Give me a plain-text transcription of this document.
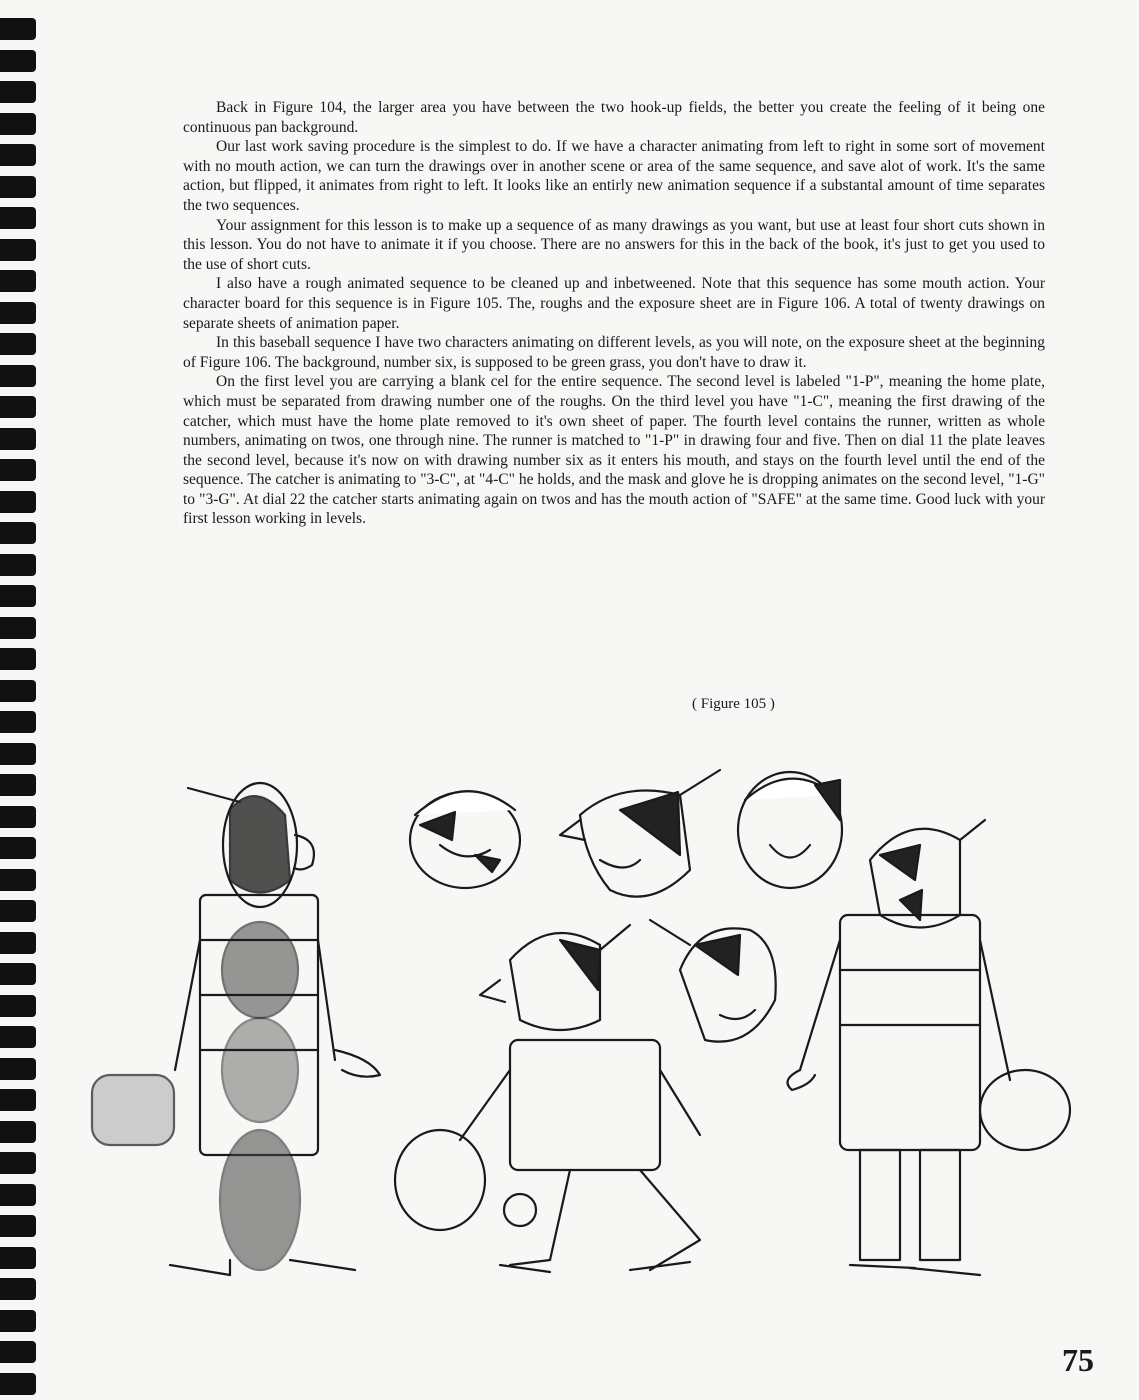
Back in Figure 104, the larger area you have between the two hook-up fields, the better you create the feeling of it being one continuous pan background.

Our last work saving procedure is the simplest to do. If we have a character animating from left to right in some sort of movement with no mouth action, we can turn the drawings over in another scene or area of the same sequence, and save alot of work. It's the same action, but flipped, it animates from right to left. It looks like an entirly new animation sequence if a substantal amount of time separates the two sequences.

Your assignment for this lesson is to make up a sequence of as many drawings as you want, but use at least four short cuts shown in this lesson. You do not have to animate it if you choose. There are no answers for this in the back of the book, it's just to get you used to the use of short cuts.

I also have a rough animated sequence to be cleaned up and inbetweened. Note that this sequence has some mouth action. Your character board for this sequence is in Figure 105. The, roughs and the exposure sheet are in Figure 106. A total of twenty drawings on separate sheets of animation paper.

In this baseball sequence I have two characters animating on different levels, as you will note, on the exposure sheet at the beginning of Figure 106. The background, number six, is supposed to be green grass, you don't have to draw it.

On the first level you are carrying a blank cel for the entire sequence. The second level is labeled "1-P", meaning the home plate, which must be separated from drawing number one of the roughs. On the third level you have "1-C", meaning the first drawing of the catcher, which must have the home plate removed to it's own sheet of paper. The fourth level contains the runner, written as whole numbers, animating on twos, one through nine. The runner is matched to "1-P" in drawing four and five. Then on dial 11 the plate leaves the second level, because it's now on with drawing number six as it enters his mouth, and stays on the fourth level until the end of the sequence. The catcher is animating to "3-C", at "4-C" he holds, and the mask and glove he is dropping animates on the second level, "1-G" to "3-G". At dial 22 the catcher starts animating again on twos and has the mouth action of "SAFE" at the same time. Good luck with your first lesson working in levels.

( Figure 105 )
75
